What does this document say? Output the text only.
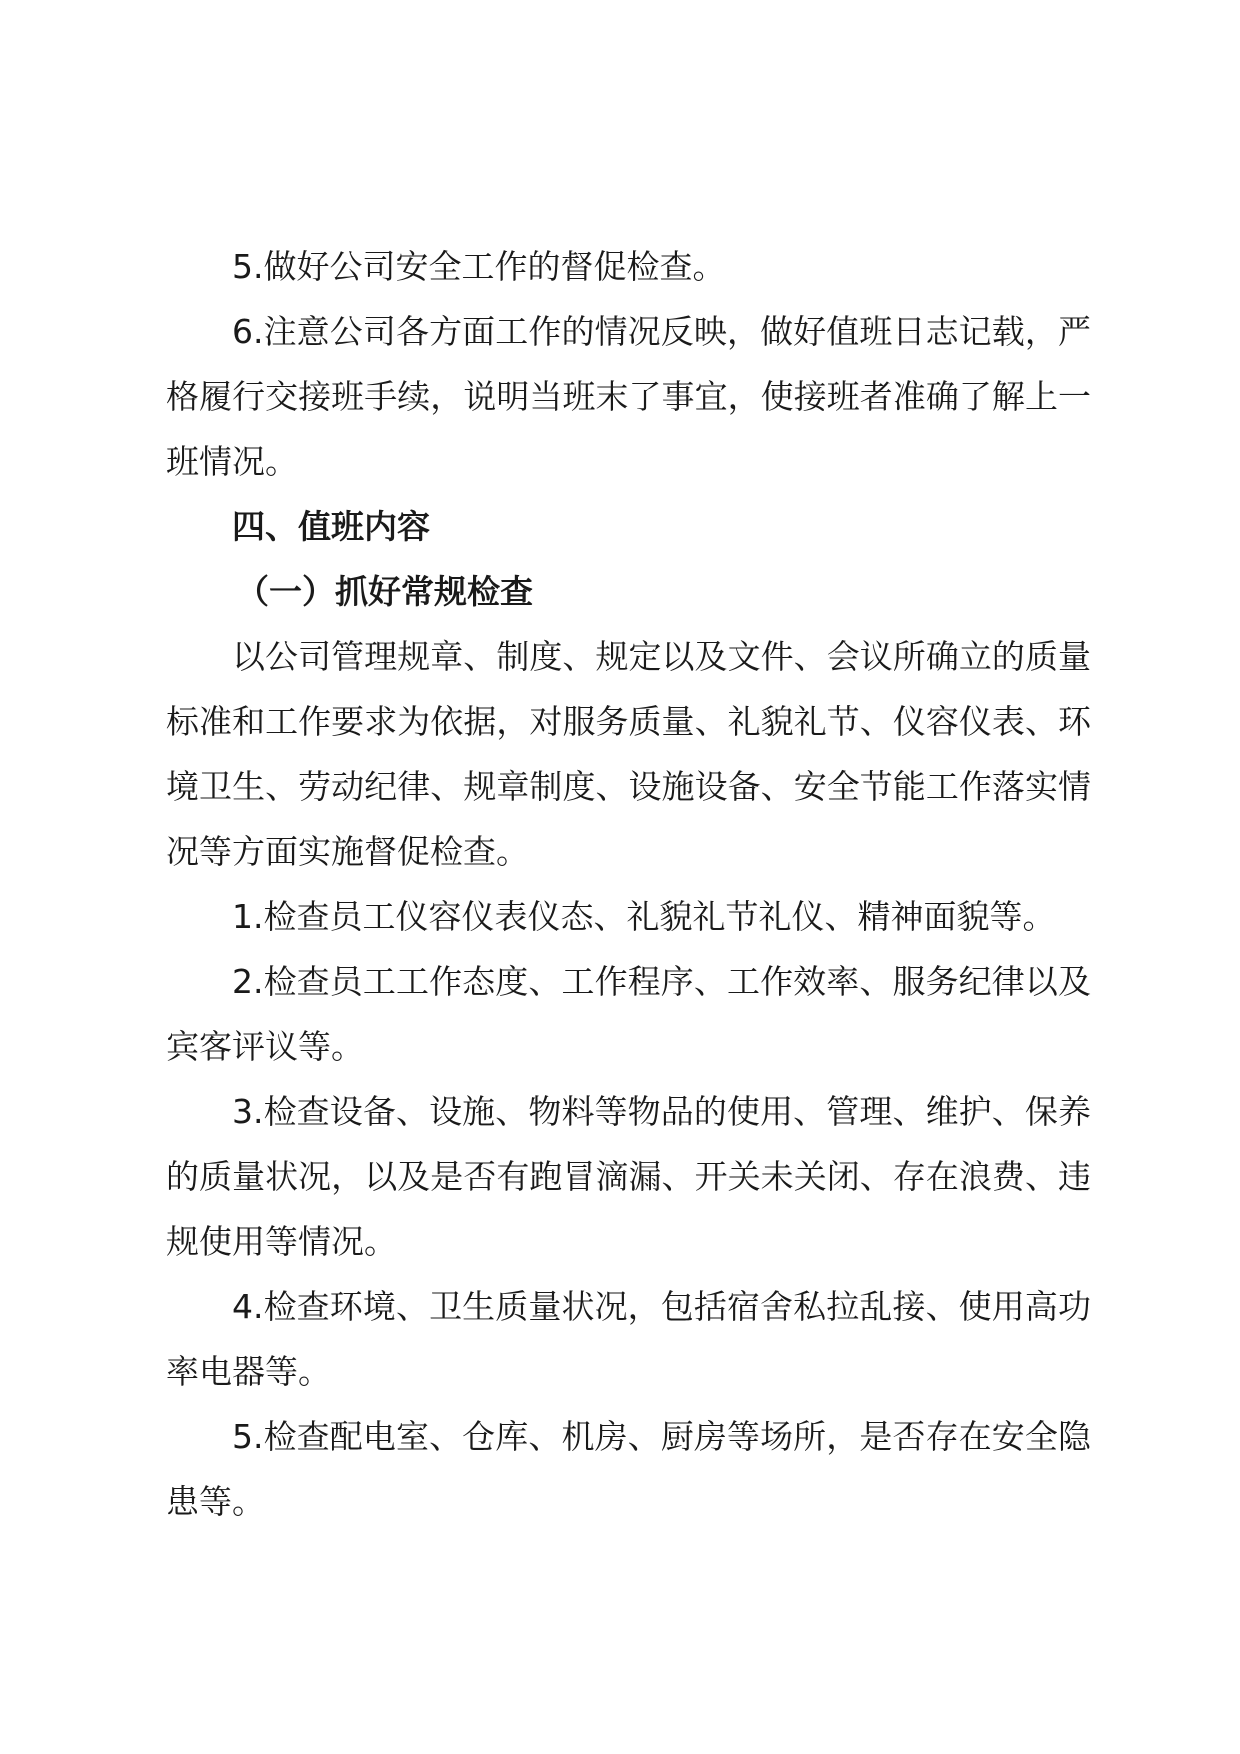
5.做好公司安全工作的督促检查。

6.注意公司各方面工作的情况反映，做好值班日志记载，严格履行交接班手续，说明当班末了事宜，使接班者准确了解上一班情况。

四、值班内容

（一）抓好常规检查

以公司管理规章、制度、规定以及文件、会议所确立的质量标准和工作要求为依据，对服务质量、礼貌礼节、仪容仪表、环境卫生、劳动纪律、规章制度、设施设备、安全节能工作落实情况等方面实施督促检查。

1.检查员工仪容仪表仪态、礼貌礼节礼仪、精神面貌等。

2.检查员工工作态度、工作程序、工作效率、服务纪律以及宾客评议等。

3.检查设备、设施、物料等物品的使用、管理、维护、保养的质量状况，以及是否有跑冒滴漏、开关未关闭、存在浪费、违规使用等情况。

4.检查环境、卫生质量状况，包括宿舍私拉乱接、使用高功率电器等。

5.检查配电室、仓库、机房、厨房等场所，是否存在安全隐患等。
